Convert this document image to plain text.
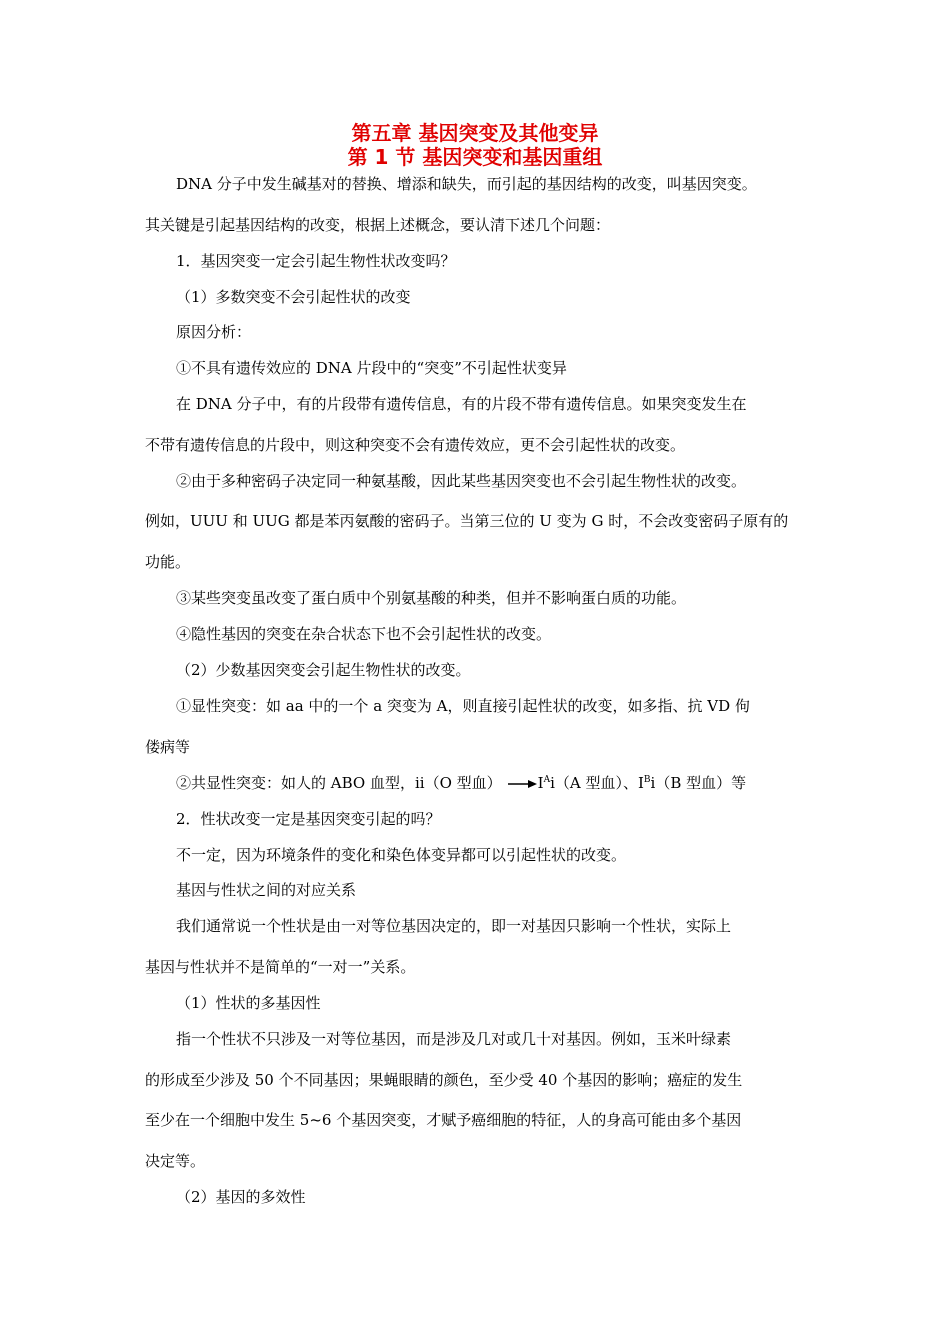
第五章 基因突变及其他变异
第 1 节 基因突变和基因重组

DNA 分子中发生碱基对的替换、增添和缺失，而引起的基因结构的改变，叫基因突变。

其关键是引起基因结构的改变，根据上述概念，要认清下述几个问题：

1．基因突变一定会引起生物性状改变吗？

（1）多数突变不会引起性状的改变

原因分析：

①不具有遗传效应的 DNA 片段中的“突变”不引起性状变异

在 DNA 分子中，有的片段带有遗传信息，有的片段不带有遗传信息。如果突变发生在

不带有遗传信息的片段中，则这种突变不会有遗传效应，更不会引起性状的改变。

②由于多种密码子决定同一种氨基酸，因此某些基因突变也不会引起生物性状的改变。

例如，UUU 和 UUG 都是苯丙氨酸的密码子。当第三位的 U 变为 G 时，不会改变密码子原有的

功能。

③某些突变虽改变了蛋白质中个别氨基酸的种类，但并不影响蛋白质的功能。

④隐性基因的突变在杂合状态下也不会引起性状的改变。

（2）少数基因突变会引起生物性状的改变。

①显性突变：如 aa 中的一个 a 突变为 A，则直接引起性状的改变，如多指、抗 VD 佝

偻病等

②共显性突变：如人的 ABO 血型，ii（O 型血） $I^Ai(A$ 型血）、$I^Bi(B$ 型血）等

2．性状改变一定是基因突变引起的吗？

不一定，因为环境条件的变化和染色体变异都可以引起性状的改变。

基因与性状之间的对应关系

我们通常说一个性状是由一对等位基因决定的，即一对基因只影响一个性状，实际上

基因与性状并不是简单的“一对一”关系。

（1）性状的多基因性

指一个性状不只涉及一对等位基因，而是涉及几对或几十对基因。例如，玉米叶绿素

的形成至少涉及 50 个不同基因；果蝇眼睛的颜色，至少受 40 个基因的影响；癌症的发生

至少在一个细胞中发生 5~6 个基因突变，才赋予癌细胞的特征，人的身高可能由多个基因

决定等。

（2）基因的多效性
